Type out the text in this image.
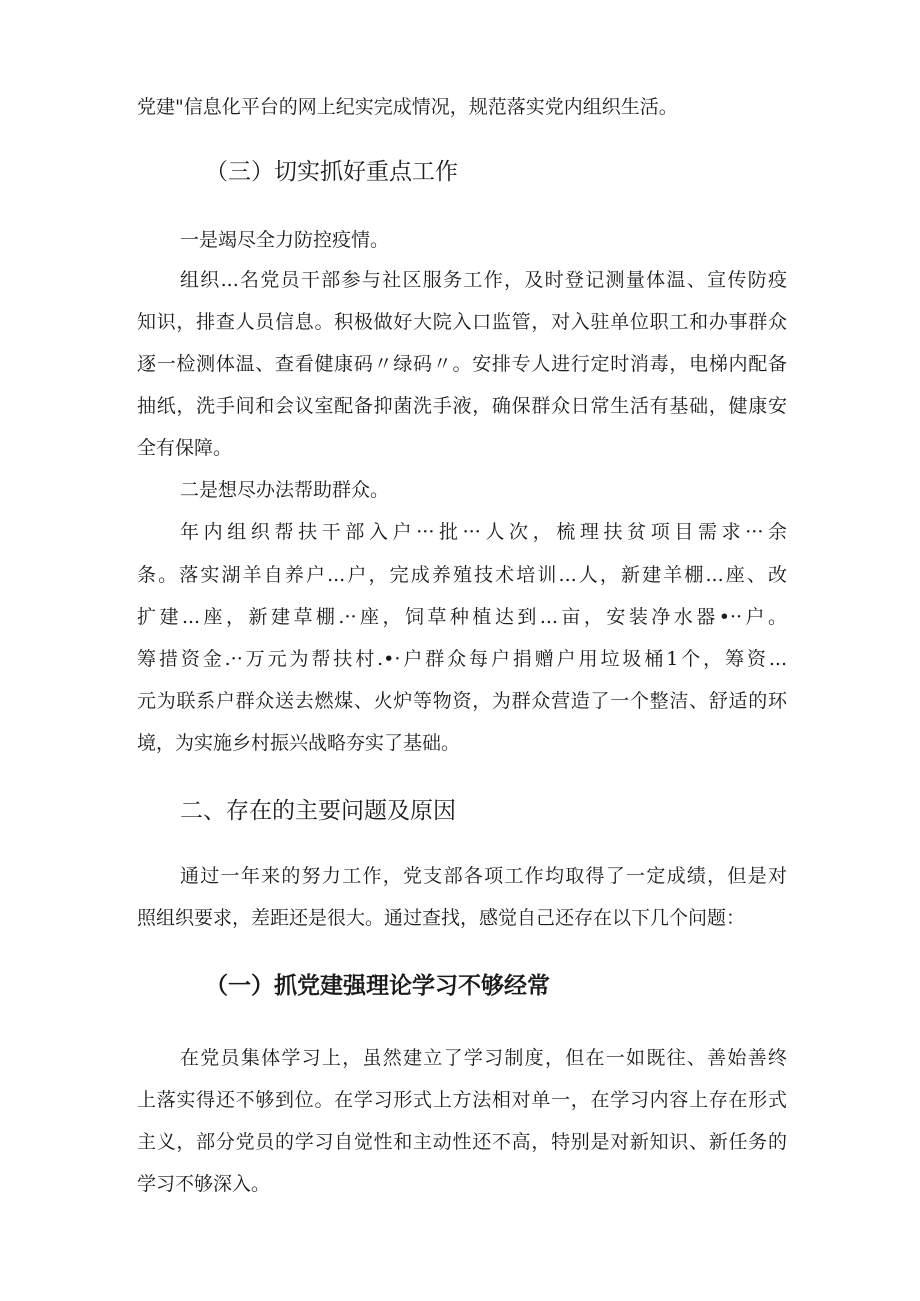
党建"信息化平台的网上纪实完成情况，规范落实党内组织生活。
（三）切实抓好重点工作
一是竭尽全力防控疫情。
组织...名党员干部参与社区服务工作，及时登记测量体温、宣传防疫
知识，排查人员信息。积极做好大院入口监管，对入驻单位职工和办事群众
逐一检测体温、查看健康码〃绿码〃。安排专人进行定时消毒，电梯内配备
抽纸，洗手间和会议室配备抑菌洗手液，确保群众日常生活有基础，健康安
全有保障。
二是想尽办法帮助群众。
年内组织帮扶干部入户···批···人次，梳理扶贫项目需求···余
条。落实湖羊自养户...户，完成养殖技术培训...人，新建羊棚...座、改
扩建...座，新建草棚.··座，饲草种植达到...亩，安装净水器•··户。
筹措资金.··万元为帮扶村.•·户群众每户捐赠户用垃圾桶1个，筹资...
元为联系户群众送去燃煤、火炉等物资，为群众营造了一个整洁、舒适的环
境，为实施乡村振兴战略夯实了基础。
二、存在的主要问题及原因
通过一年来的努力工作，党支部各项工作均取得了一定成绩，但是对
照组织要求，差距还是很大。通过查找，感觉自己还存在以下几个问题：
（一）抓党建强理论学习不够经常
在党员集体学习上，虽然建立了学习制度，但在一如既往、善始善终
上落实得还不够到位。在学习形式上方法相对单一，在学习内容上存在形式
主义，部分党员的学习自觉性和主动性还不高，特别是对新知识、新任务的
学习不够深入。
